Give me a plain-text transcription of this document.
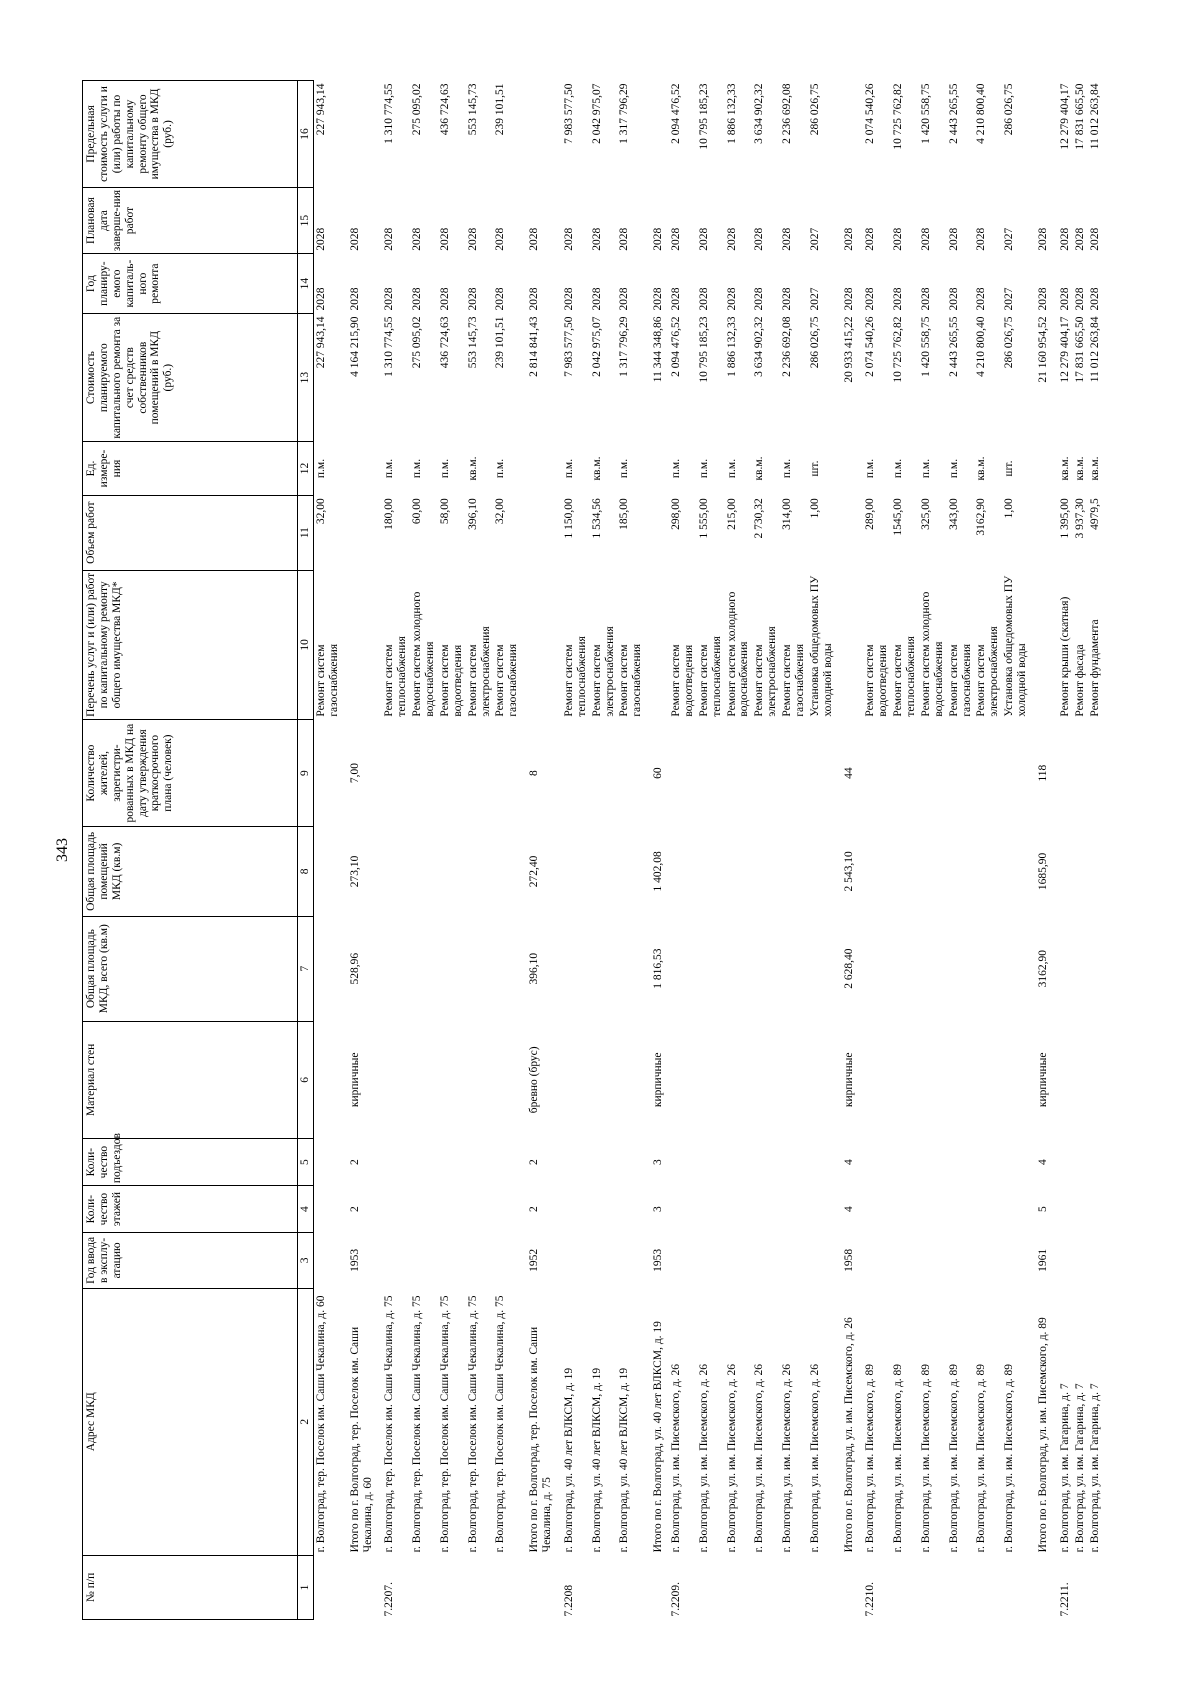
343
№ п/п	Адрес МКД	Год ввода в эксплу-атацию	Коли-чество этажей	Коли-чество подъездов	Материал стен	Общая площадь МКД, всего (кв.м)	Общая площадь помещений МКД (кв.м)	Количество жителей, зарегистри-рованных в МКД на дату утверждения краткосрочного плана (человек)	Перечень услуг и (или) работ по капитальному ремонту общего имущества МКД*	Объем работ	Ед. измере-ния	Стоимость планируемого капитального ремонта за счет средств собственников помещений в МКД (руб.)	Год планиру-емого капиталь-ного ремонта	Плановая дата заверше-ния работ	Предельная стоимость услуги и (или) работы по капитальному ремонту общего имущества в МКД (руб.)
1	2	3	4	5	6	7	8	9	10	11	12	13	14	15	16
	г. Волгоград, тер. Поселок им. Саши Чекалина, д. 60								Ремонт систем газоснабжения	32,00	п.м.	227 943,14	2028	2028	227 943,14
	Итого по г. Волгоград, тер. Поселок им. Саши Чекалина, д. 60	1953	2	2	кирпичные	528,96	273,10	7,00				4 164 215,90	2028	2028	
7.2207.	г. Волгоград, тер. Поселок им. Саши Чекалина, д. 75								Ремонт систем теплоснабжения	180,00	п.м.	1 310 774,55	2028	2028	1 310 774,55
	г. Волгоград, тер. Поселок им. Саши Чекалина, д. 75								Ремонт систем холодного водоснабжения	60,00	п.м.	275 095,02	2028	2028	275 095,02
	г. Волгоград, тер. Поселок им. Саши Чекалина, д. 75								Ремонт систем водоотведения	58,00	п.м.	436 724,63	2028	2028	436 724,63
	г. Волгоград, тер. Поселок им. Саши Чекалина, д. 75								Ремонт систем электроснабжения	396,10	кв.м.	553 145,73	2028	2028	553 145,73
	г. Волгоград, тер. Поселок им. Саши Чекалина, д. 75								Ремонт систем газоснабжения	32,00	п.м.	239 101,51	2028	2028	239 101,51
	Итого по г. Волгоград, тер. Поселок им. Саши Чекалина, д. 75	1952	2	2	бревно (брус)	396,10	272,40	8				2 814 841,43	2028	2028	
7.2208	г. Волгоград, ул. 40 лет ВЛКСМ, д. 19								Ремонт систем теплоснабжения	1 150,00	п.м.	7 983 577,50	2028	2028	7 983 577,50
	г. Волгоград, ул. 40 лет ВЛКСМ, д. 19								Ремонт систем электроснабжения	1 534,56	кв.м.	2 042 975,07	2028	2028	2 042 975,07
	г. Волгоград, ул. 40 лет ВЛКСМ, д. 19								Ремонт систем газоснабжения	185,00	п.м.	1 317 796,29	2028	2028	1 317 796,29
	Итого по г. Волгоград, ул. 40 лет ВЛКСМ, д. 19	1953	3	3	кирпичные	1 816,53	1 402,08	60				11 344 348,86	2028	2028	
7.2209.	г. Волгоград, ул. им. Писемского, д. 26								Ремонт систем водоотведения	298,00	п.м.	2 094 476,52	2028	2028	2 094 476,52
	г. Волгоград, ул. им. Писемского, д. 26								Ремонт систем теплоснабжения	1 555,00	п.м.	10 795 185,23	2028	2028	10 795 185,23
	г. Волгоград, ул. им. Писемского, д. 26								Ремонт систем холодного водоснабжения	215,00	п.м.	1 886 132,33	2028	2028	1 886 132,33
	г. Волгоград, ул. им. Писемского, д. 26								Ремонт систем электроснабжения	2 730,32	кв.м.	3 634 902,32	2028	2028	3 634 902,32
	г. Волгоград, ул. им. Писемского, д. 26								Ремонт систем газоснабжения	314,00	п.м.	2 236 692,08	2028	2028	2 236 692,08
	г. Волгоград, ул. им. Писемского, д. 26								Установка общедомовых ПУ холодной воды	1,00	шт.	286 026,75	2027	2027	286 026,75
	Итого по г. Волгоград, ул. им. Писемского, д. 26	1958	4	4	кирпичные	2 628,40	2 543,10	44				20 933 415,22	2028	2028	
7.2210.	г. Волгоград, ул. им. Писемского, д. 89								Ремонт систем водоотведения	289,00	п.м.	2 074 540,26	2028	2028	2 074 540,26
	г. Волгоград, ул. им. Писемского, д. 89								Ремонт систем теплоснабжения	1545,00	п.м.	10 725 762,82	2028	2028	10 725 762,82
	г. Волгоград, ул. им. Писемского, д. 89								Ремонт систем холодного водоснабжения	325,00	п.м.	1 420 558,75	2028	2028	1 420 558,75
	г. Волгоград, ул. им. Писемского, д. 89								Ремонт систем газоснабжения	343,00	п.м.	2 443 265,55	2028	2028	2 443 265,55
	г. Волгоград, ул. им. Писемского, д. 89								Ремонт систем электроснабжения	3162,90	кв.м.	4 210 800,40	2028	2028	4 210 800,40
	г. Волгоград, ул. им. Писемского, д. 89								Установка общедомовых ПУ холодной воды	1,00	шт.	286 026,75	2027	2027	286 026,75
	Итого по г. Волгоград, ул. им. Писемского, д. 89	1961	5	4	кирпичные	3162,90	1685,90	118				21 160 954,52	2028	2028	
7.2211.	г. Волгоград, ул. им. Гагарина, д. 7								Ремонт крыши (скатная)	1 395,00	кв.м.	12 279 404,17	2028	2028	12 279 404,17
	г. Волгоград, ул. им. Гагарина, д. 7								Ремонт фасада	3 937,30	кв.м.	17 831 665,50	2028	2028	17 831 665,50
	г. Волгоград, ул. им. Гагарина, д. 7								Ремонт фундамента	4979,5	кв.м.	11 012 263,84	2028	2028	11 012 263,84
